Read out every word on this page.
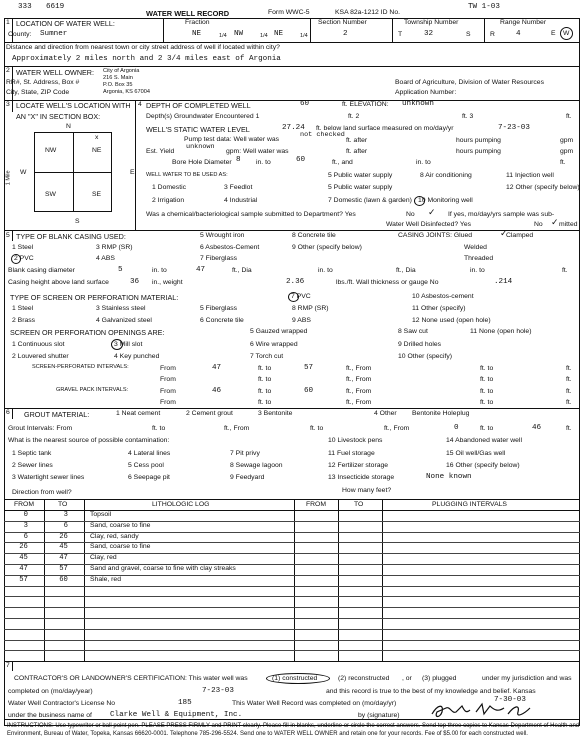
333 6619
WATER WELL RECORD	Form WWC-5	KSA 82a-1212 ID No.
TW 1-03
1 LOCATION OF WATER WELL:
County: Sumner
Fraction
NE	1/4 NW	1/4 NE	1/4
Section Number
2
Township Number
T	32	S
Range Number
R	4	E W
Distance and direction from nearest town or city street address of well if located within city?
Approximately 2 miles north and 2 3/4 miles east of Argonia
2 WATER WELL OWNER: City of Argonia
216 S. Main
RR#, St. Address, Box #	P.O. Box 35
City, State, ZIP Code	Argonia, KS 67004
Board of Agriculture, Division of Water Resources
Application Number:
3 LOCATE WELL'S LOCATION WITH
AN "X" IN SECTION BOX:
N
NW	NE
SW	SE
x
W	E
S
1 Mile
4 DEPTH OF COMPLETED WELL	60	ft. ELEVATION: unknown
Depth(s) Groundwater Encountered 1	ft. 2	ft. 3	ft.
WELL'S STATIC WATER LEVEL	27.24 ft. below land surface measured on mo/day/yr	7-23-03
Pump test data: Well water was
not checked
ft. after	hours pumping	gpm
Est. Yield
unknown
gpm: Well water was	ft. after	hours pumping	gpm
Bore Hole Diameter 8 in. to	60	ft., and	in. to	ft.
WELL WATER TO BE USED AS:	5 Public water supply	8 Air conditioning	11 Injection well
1 Domestic	3 Feedlot	5 Public water supply
2 Irrigation	4 Industrial	7 Domestic (lawn & garden) 10 Monitoring well
12 Other (specify below)
Was a chemical/bacteriological sample submitted to Department? Yes	No ✓ If yes, mo/day/yrs sample was sub-
mitted
Water Well Disinfected? Yes	No ✓
5 TYPE OF BLANK CASING USED:	5 Wrought iron	8 Concrete tile	CASING JOINTS: Glued	✓
Clamped
1 Steel	3 RMP (SR)	6 Asbestos-Cement	9 Other (specify below)	Welded
2 PVC	4 ABS	7 Fiberglass	Threaded
Blank casing diameter	5	in. to	47	ft., Dia	in. to	ft., Dia	in. to	ft.
Casing height above land surface	36 in., weight	2.36	lbs./ft. Wall thickness or gauge No	.214
TYPE OF SCREEN OR PERFORATION MATERIAL:	7 PVC	10 Asbestos-cement
1 Steel	3 Stainless steel	5 Fiberglass	11 Other (specify)
2 Brass	4 Galvanized steel	6 Concrete tile
8 RMP (SR)
9 ABS	12 None used (open hole)
SCREEN OR PERFORATION OPENINGS ARE:	5 Gauzed wrapped	8 Saw cut	11 None (open hole)
1 Continuous slot	3 Mill slot	6 Wire wrapped	9 Drilled holes
2 Louvered shutter	4 Key punched	7 Torch cut	10 Other (specify)
SCREEN-PERFORATED INTERVALS:	From	47	ft. to	57	ft., From	ft. to	ft.
From	ft. to	ft., From	ft. to	ft.
GRAVEL PACK INTERVALS:	From	46	ft. to	60	ft., From	ft. to	ft.
From	ft. to	ft., From	ft. to	ft.
6 GROUT MATERIAL:	1 Neat cement	2 Cement grout	3 Bentonite	4 Other Bentonite Holeplug
Grout Intervals: From	ft. to	ft., From	ft. to	ft., From	0	ft. to	46	ft.
What is the nearest source of possible contamination:	10 Livestock pens	14 Abandoned water well
1 Septic tank	4 Lateral lines	7 Pit privy	11 Fuel storage	15 Oil well/Gas well
2 Sewer lines	5 Cess pool	8 Sewage lagoon	12 Fertilizer storage	16 Other (specify below)
3 Watertight sewer lines	6 Seepage pit	9 Feedyard	13 Insecticide storage	None known
Direction from well?	How many feet?
FROM	TO	LITHOLOGIC LOG	FROM	TO	PLUGGING INTERVALS
0	3	Topsoil
3	6	Sand, coarse to fine
6	26	Clay, red, sandy
26	45	Sand, coarse to fine
45	47	Clay, red
47	57	Sand and gravel, coarse to fine with clay streaks
57	60	Shale, red
7
CONTRACTOR'S OR LANDOWNER'S CERTIFICATION: This water well was	(1) constructed	(2) reconstructed , or (3) plugged	under my jurisdiction and was
completed on (mo/day/year)	7-23-03	and this record is true to the best of my knowledge and belief. Kansas
Water Well Contractor's License No	185	This Water Well Record was completed on (mo/day/yr)	7-30-03
under the business name of Clarke Well & Equipment, Inc.	by (signature)
INSTRUCTIONS: Use typewriter or ball point pen. PLEASE PRESS FIRMLY and PRINT clearly. Please fill in blanks, underline or circle the correct answers. Send top three copies to Kansas Department of Health and
Environment, Bureau of Water, Topeka, Kansas 66620-0001. Telephone 785-296-5524. Send one to WATER WELL OWNER and retain one for your records. Fee of $5.00 for each constructed well.
